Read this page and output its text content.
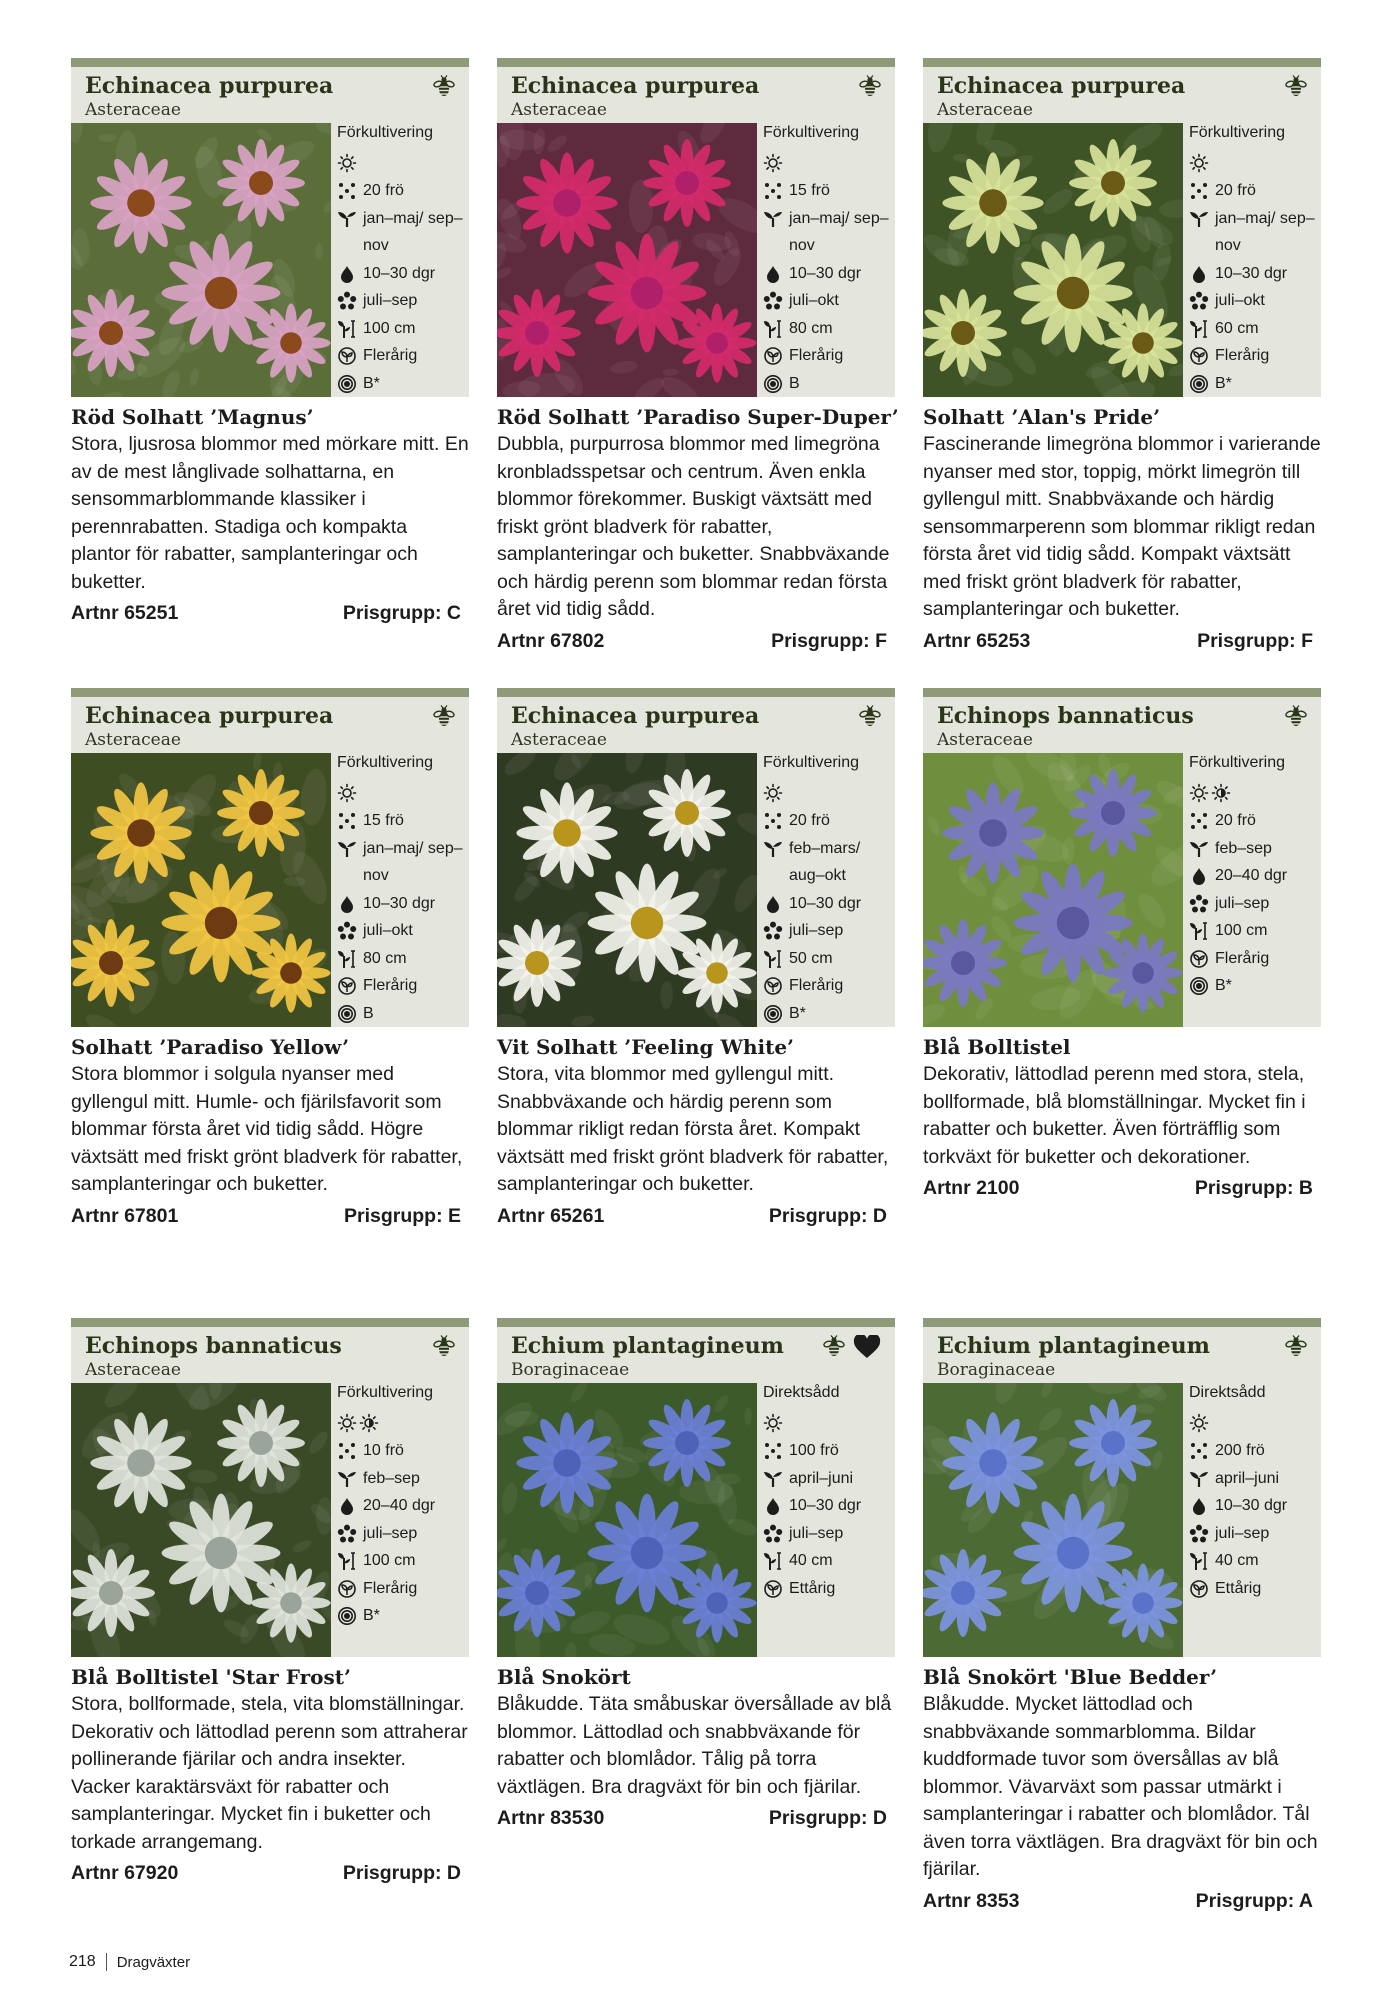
Echinacea purpurea
Asteraceae
Förkultivering
20 frö
jan–maj/ sep–nov
10–30 dgr
juli–sep
100 cm
Flerårig
B*
Röd Solhatt ’Magnus’
Stora, ljusrosa blommor med mörkare mitt. En av de mest långlivade solhattarna, en sensommarblommande klassiker i perennrabatten. Stadiga och kompakta plantor för rabatter, samplanteringar och buketter.
Artnr 65251	Prisgrupp: C
Echinacea purpurea
Asteraceae
Förkultivering
15 frö
jan–maj/ sep–nov
10–30 dgr
juli–okt
80 cm
Flerårig
B
Röd Solhatt ’Paradiso Super-Duper’
Dubbla, purpurrosa blommor med limegröna kronbladsspetsar och centrum. Även enkla blommor förekommer. Buskigt växtsätt med friskt grönt bladverk för rabatter, samplanteringar och buketter. Snabbväxande och härdig perenn som blommar redan första året vid tidig sådd.
Artnr 67802	Prisgrupp: F
Echinacea purpurea
Asteraceae
Förkultivering
20 frö
jan–maj/ sep–nov
10–30 dgr
juli–okt
60 cm
Flerårig
B*
Solhatt ’Alan's Pride’
Fascinerande limegröna blommor i varierande nyanser med stor, toppig, mörkt limegrön till gyllengul mitt. Snabbväxande och härdig sensommarperenn som blommar rikligt redan första året vid tidig sådd. Kompakt växtsätt med friskt grönt bladverk för rabatter, samplanteringar och buketter.
Artnr 65253	Prisgrupp: F
Echinacea purpurea
Asteraceae
Förkultivering
15 frö
jan–maj/ sep–nov
10–30 dgr
juli–okt
80 cm
Flerårig
B
Solhatt ’Paradiso Yellow’
Stora blommor i solgula nyanser med gyllengul mitt. Humle- och fjärilsfavorit som blommar första året vid tidig sådd. Högre växtsätt med friskt grönt bladverk för rabatter, samplanteringar och buketter.
Artnr 67801	Prisgrupp: E
Echinacea purpurea
Asteraceae
Förkultivering
20 frö
feb–mars/ aug–okt
10–30 dgr
juli–sep
50 cm
Flerårig
B*
Vit Solhatt ’Feeling White’
Stora, vita blommor med gyllengul mitt. Snabbväxande och härdig perenn som blommar rikligt redan första året. Kompakt växtsätt med friskt grönt bladverk för rabatter, samplanteringar och buketter.
Artnr 65261	Prisgrupp: D
Echinops bannaticus
Asteraceae
Förkultivering
20 frö
feb–sep
20–40 dgr
juli–sep
100 cm
Flerårig
B*
Blå Bolltistel
Dekorativ, lättodlad perenn med stora, stela, bollformade, blå blomställningar. Mycket fin i rabatter och buketter. Även förträfflig som torkväxt för buketter och dekorationer.
Artnr 2100	Prisgrupp: B
Echinops bannaticus
Asteraceae
Förkultivering
10 frö
feb–sep
20–40 dgr
juli–sep
100 cm
Flerårig
B*
Blå Bolltistel 'Star Frost’
Stora, bollformade, stela, vita blomställningar. Dekorativ och lättodlad perenn som attraherar pollinerande fjärilar och andra insekter. Vacker karaktärsväxt för rabatter och samplanteringar. Mycket fin i buketter och torkade arrangemang.
Artnr 67920	Prisgrupp: D
Echium plantagineum
Boraginaceae
Direktsådd
100 frö
april–juni
10–30 dgr
juli–sep
40 cm
Ettårig
Blå Snokört
Blåkudde. Täta småbuskar översållade av blå blommor. Lättodlad och snabbväxande för rabatter och blomlådor. Tålig på torra växtlägen. Bra dragväxt för bin och fjärilar.
Artnr 83530	Prisgrupp: D
Echium plantagineum
Boraginaceae
Direktsådd
200 frö
april–juni
10–30 dgr
juli–sep
40 cm
Ettårig
Blå Snokört 'Blue Bedder’
Blåkudde. Mycket lättodlad och snabbväxande sommarblomma. Bildar kuddformade tuvor som översållas av blå blommor. Vävarväxt som passar utmärkt i samplanteringar i rabatter och blomlådor. Tål även torra växtlägen. Bra dragväxt för bin och fjärilar.
Artnr 8353	Prisgrupp: A
218 Dragväxter
